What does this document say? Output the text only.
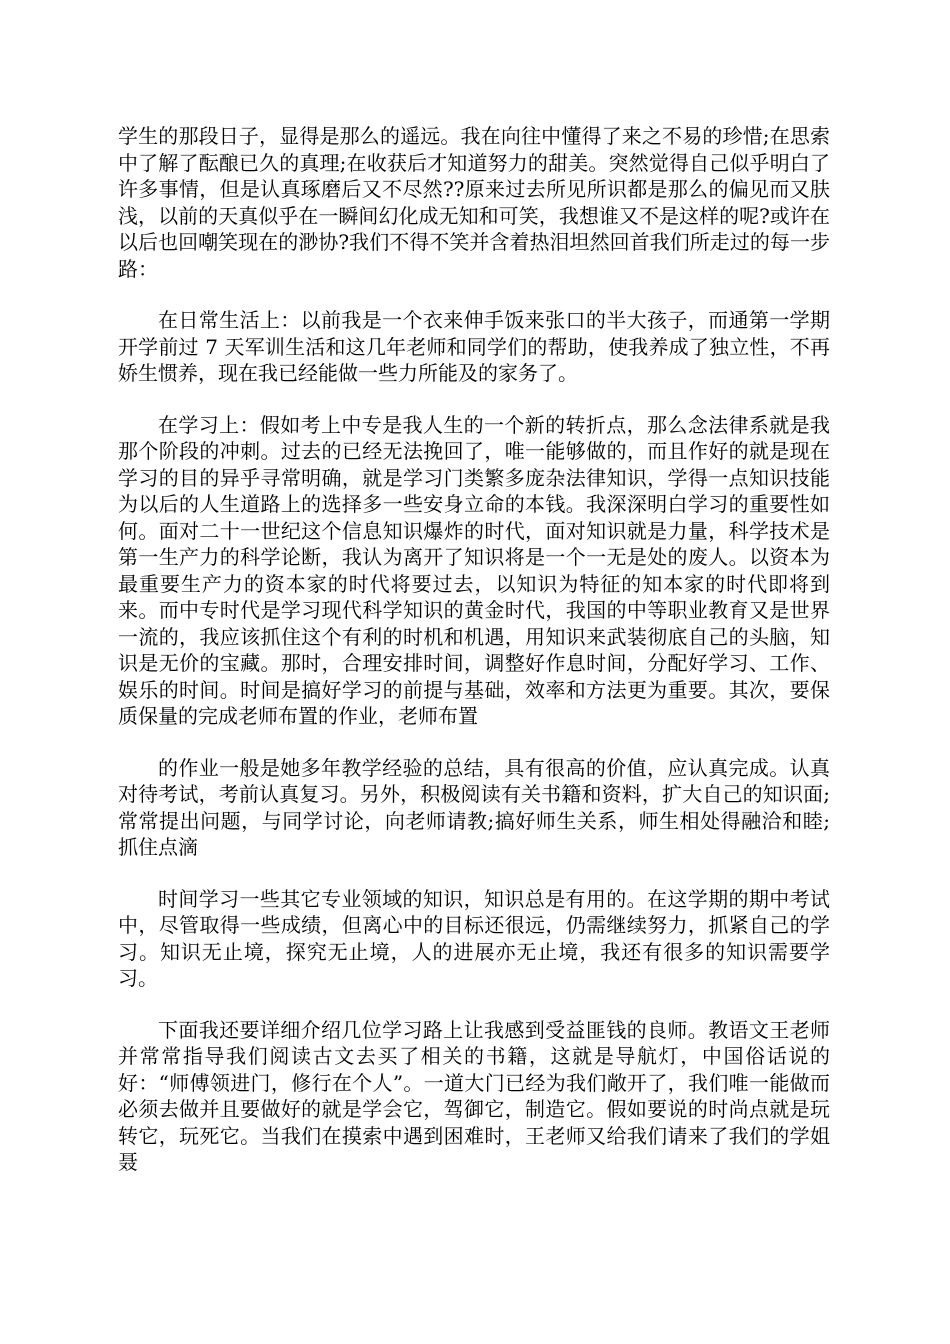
学生的那段日子，显得是那么的遥远。我在向往中懂得了来之不易的珍惜;在思索中了解了酝酿已久的真理;在收获后才知道努力的甜美。突然觉得自己似乎明白了许多事情，但是认真琢磨后又不尽然??原来过去所见所识都是那么的偏见而又肤浅，以前的天真似乎在一瞬间幻化成无知和可笑，我想谁又不是这样的呢?或许在以后也回嘲笑现在的渺协?我们不得不笑并含着热泪坦然回首我们所走过的每一步路：

在日常生活上：以前我是一个衣来伸手饭来张口的半大孩子，而通第一学期开学前过 7 天军训生活和这几年老师和同学们的帮助，使我养成了独立性，不再娇生惯养，现在我已经能做一些力所能及的家务了。

在学习上：假如考上中专是我人生的一个新的转折点，那么念法律系就是我那个阶段的冲刺。过去的已经无法挽回了，唯一能够做的，而且作好的就是现在学习的目的异乎寻常明确，就是学习门类繁多庞杂法律知识，学得一点知识技能为以后的人生道路上的选择多一些安身立命的本钱。我深深明白学习的重要性如何。面对二十一世纪这个信息知识爆炸的时代，面对知识就是力量，科学技术是第一生产力的科学论断，我认为离开了知识将是一个一无是处的废人。以资本为最重要生产力的资本家的时代将要过去，以知识为特征的知本家的时代即将到来。而中专时代是学习现代科学知识的黄金时代，我国的中等职业教育又是世界一流的，我应该抓住这个有利的时机和机遇，用知识来武装彻底自己的头脑，知识是无价的宝藏。那时，合理安排时间，调整好作息时间，分配好学习、工作、娱乐的时间。时间是搞好学习的前提与基础，效率和方法更为重要。其次，要保质保量的完成老师布置的作业，老师布置

的作业一般是她多年教学经验的总结，具有很高的价值，应认真完成。认真对待考试，考前认真复习。另外，积极阅读有关书籍和资料，扩大自己的知识面;常常提出问题，与同学讨论，向老师请教;搞好师生关系，师生相处得融洽和睦;抓住点滴

时间学习一些其它专业领域的知识，知识总是有用的。在这学期的期中考试中，尽管取得一些成绩，但离心中的目标还很远，仍需继续努力，抓紧自己的学习。知识无止境，探究无止境，人的进展亦无止境，我还有很多的知识需要学习。

下面我还要详细介绍几位学习路上让我感到受益匪钱的良师。教语文王老师并常常指导我们阅读古文去买了相关的书籍，这就是导航灯，中国俗话说的好：“师傅领进门，修行在个人”。一道大门已经为我们敞开了，我们唯一能做而必须去做并且要做好的就是学会它，驾御它，制造它。假如要说的时尚点就是玩转它，玩死它。当我们在摸索中遇到困难时，王老师又给我们请来了我们的学姐聂
